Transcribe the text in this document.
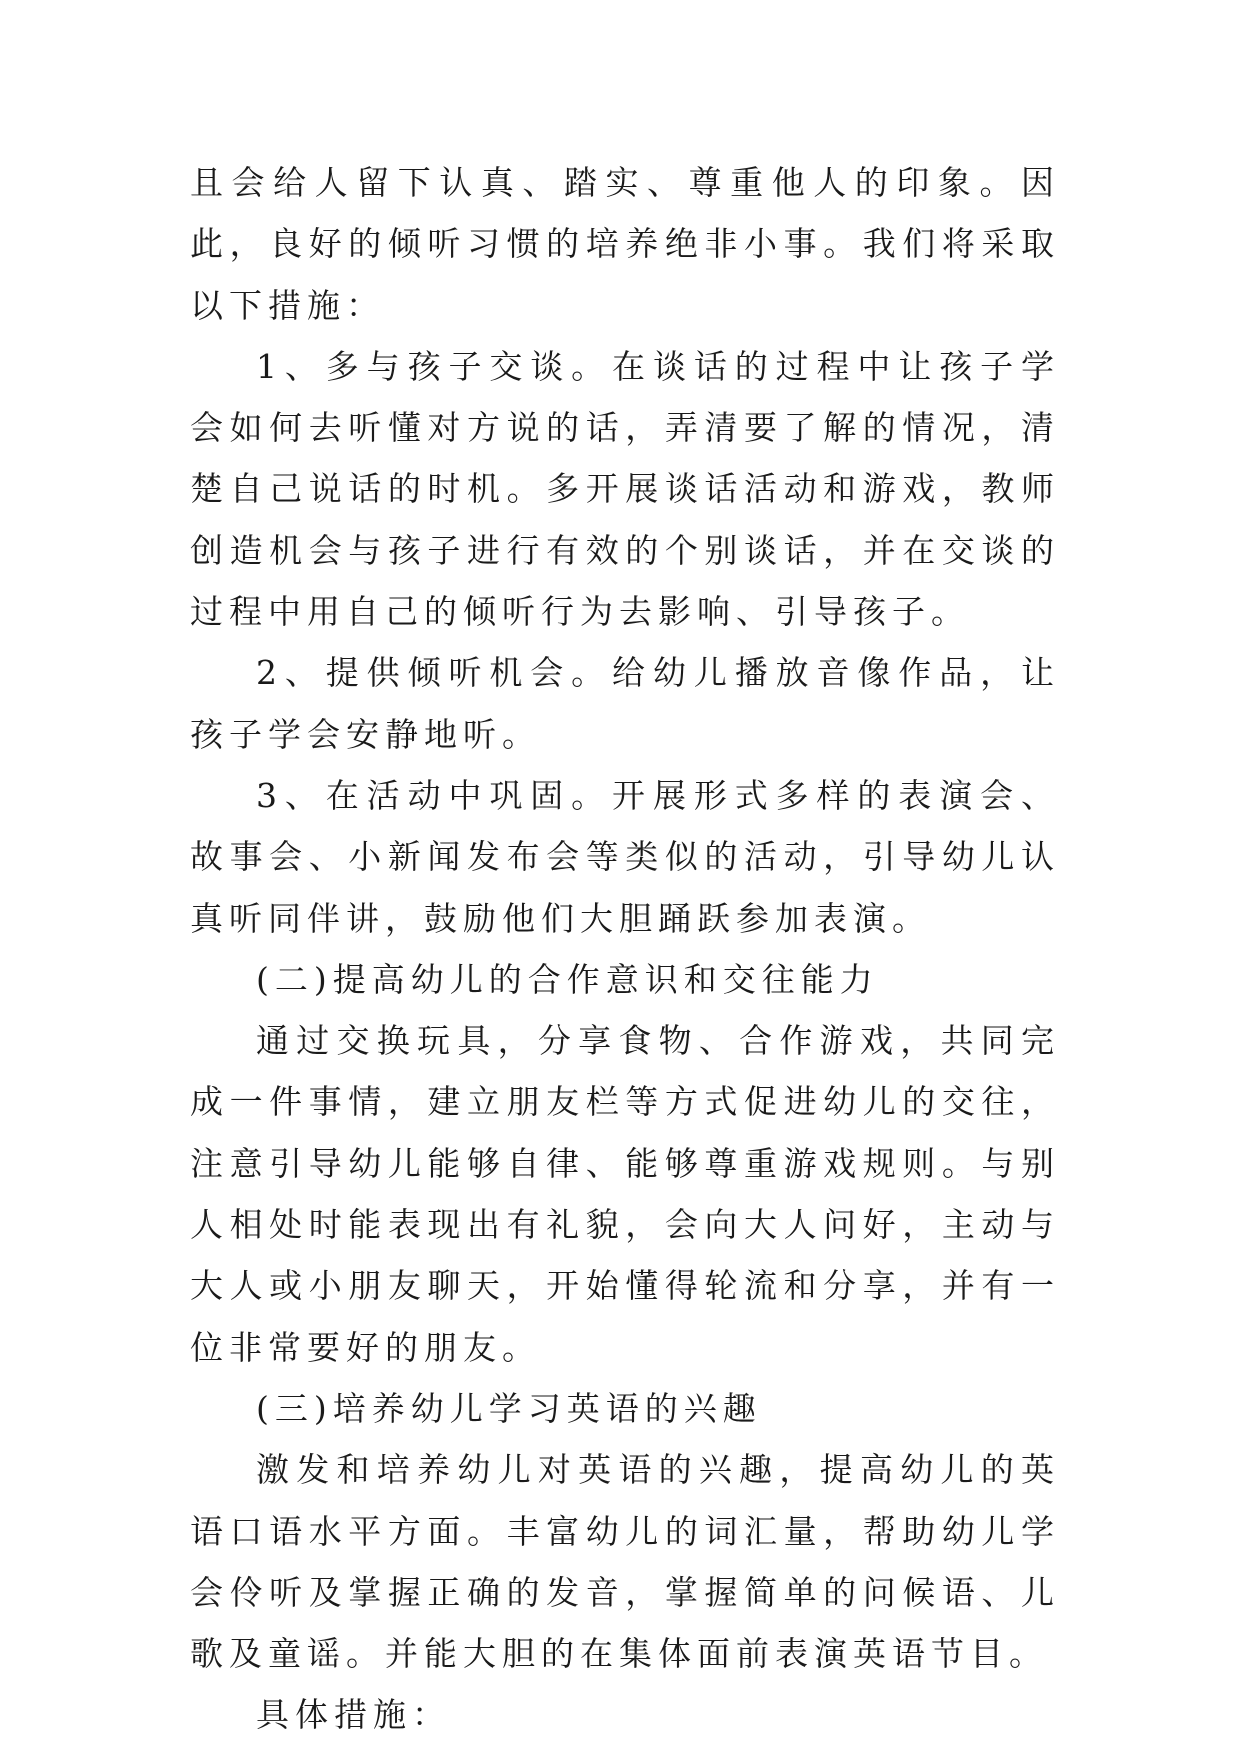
且会给人留下认真、踏实、尊重他人的印象。因此，良好的倾听习惯的培养绝非小事。我们将采取以下措施：

1、多与孩子交谈。在谈话的过程中让孩子学会如何去听懂对方说的话，弄清要了解的情况，清楚自己说话的时机。多开展谈话活动和游戏，教师创造机会与孩子进行有效的个别谈话，并在交谈的过程中用自己的倾听行为去影响、引导孩子。

2、提供倾听机会。给幼儿播放音像作品，让孩子学会安静地听。

3、在活动中巩固。开展形式多样的表演会、故事会、小新闻发布会等类似的活动，引导幼儿认真听同伴讲，鼓励他们大胆踊跃参加表演。

(二)提高幼儿的合作意识和交往能力

通过交换玩具，分享食物、合作游戏，共同完成一件事情，建立朋友栏等方式促进幼儿的交往，注意引导幼儿能够自律、能够尊重游戏规则。与别人相处时能表现出有礼貌，会向大人问好，主动与大人或小朋友聊天，开始懂得轮流和分享，并有一位非常要好的朋友。

(三)培养幼儿学习英语的兴趣

激发和培养幼儿对英语的兴趣，提高幼儿的英语口语水平方面。丰富幼儿的词汇量，帮助幼儿学会伶听及掌握正确的发音，掌握简单的问候语、儿歌及童谣。并能大胆的在集体面前表演英语节目。

具体措施：
